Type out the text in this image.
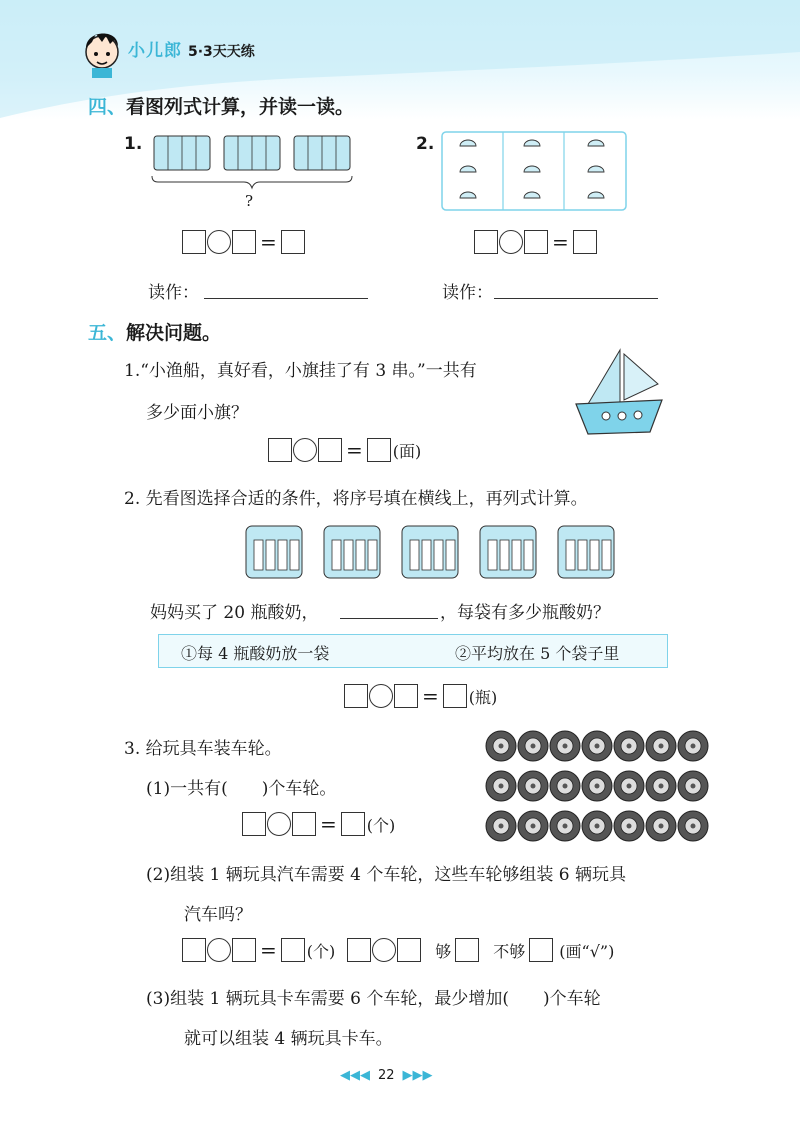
小儿郎 5·3天天练
四、看图列式计算，并读一读。
1.
?
2.
=	=
读作：	读作：
五、解决问题。
1.“小渔船，真好看，小旗挂了有 3 串。”一共有
多少面小旗？
= (面)
2. 先看图选择合适的条件，将序号填在横线上，再列式计算。
妈妈买了 20 瓶酸奶，	，每袋有多少瓶酸奶？
①每 4 瓶酸奶放一袋	②平均放在 5 个袋子里
= (瓶)
3. 给玩具车装车轮。
(1)一共有(　　)个车轮。
= (个)
(2)组装 1 辆玩具汽车需要 4 个车轮，这些车轮够组装 6 辆玩具
汽车吗？
= (个)	够	不够 (画“√”)
(3)组装 1 辆玩具卡车需要 6 个车轮，最少增加(　　)个车轮
就可以组装 4 辆玩具卡车。
◀◀◀ 22 ▶▶▶
